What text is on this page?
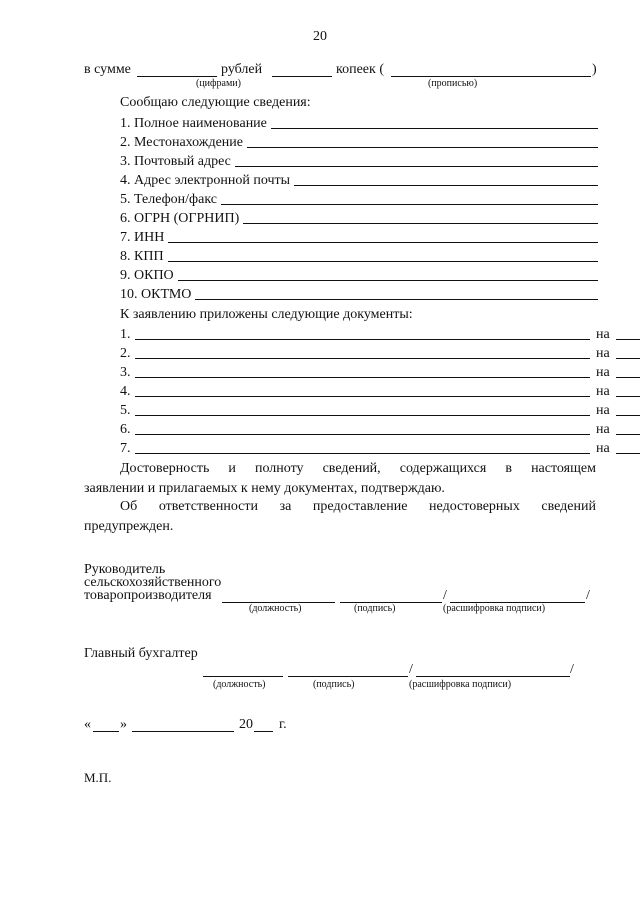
20
в сумме	рублей	копеек (	)
(цифрами)	(прописью)
Сообщаю следующие сведения:
1. Полное наименование
2. Местонахождение
3. Почтовый адрес
4. Адрес электронной почты
5. Телефон/факс
6. ОГРН (ОГРНИП)
7. ИНН
8. КПП
9. ОКПО
10. ОКТМО
К заявлению приложены следующие документы:
1.	на
2.	на
3.	на
4.	на
5.	на
6.	на
7.	на
Достоверность и полноту сведений, содержащихся в настоящем
заявлении и прилагаемых к нему документах, подтверждаю.
Об ответственности за предоставление недостоверных сведений
предупрежден.
Руководитель
сельскохозяйственного
товаропроизводителя	/	/
(должность)	(подпись)	(расшифровка подписи)
Главный бухгалтер
/	/
(должность)	(подпись)	(расшифровка подписи)
« »	20 г.
М.П.
